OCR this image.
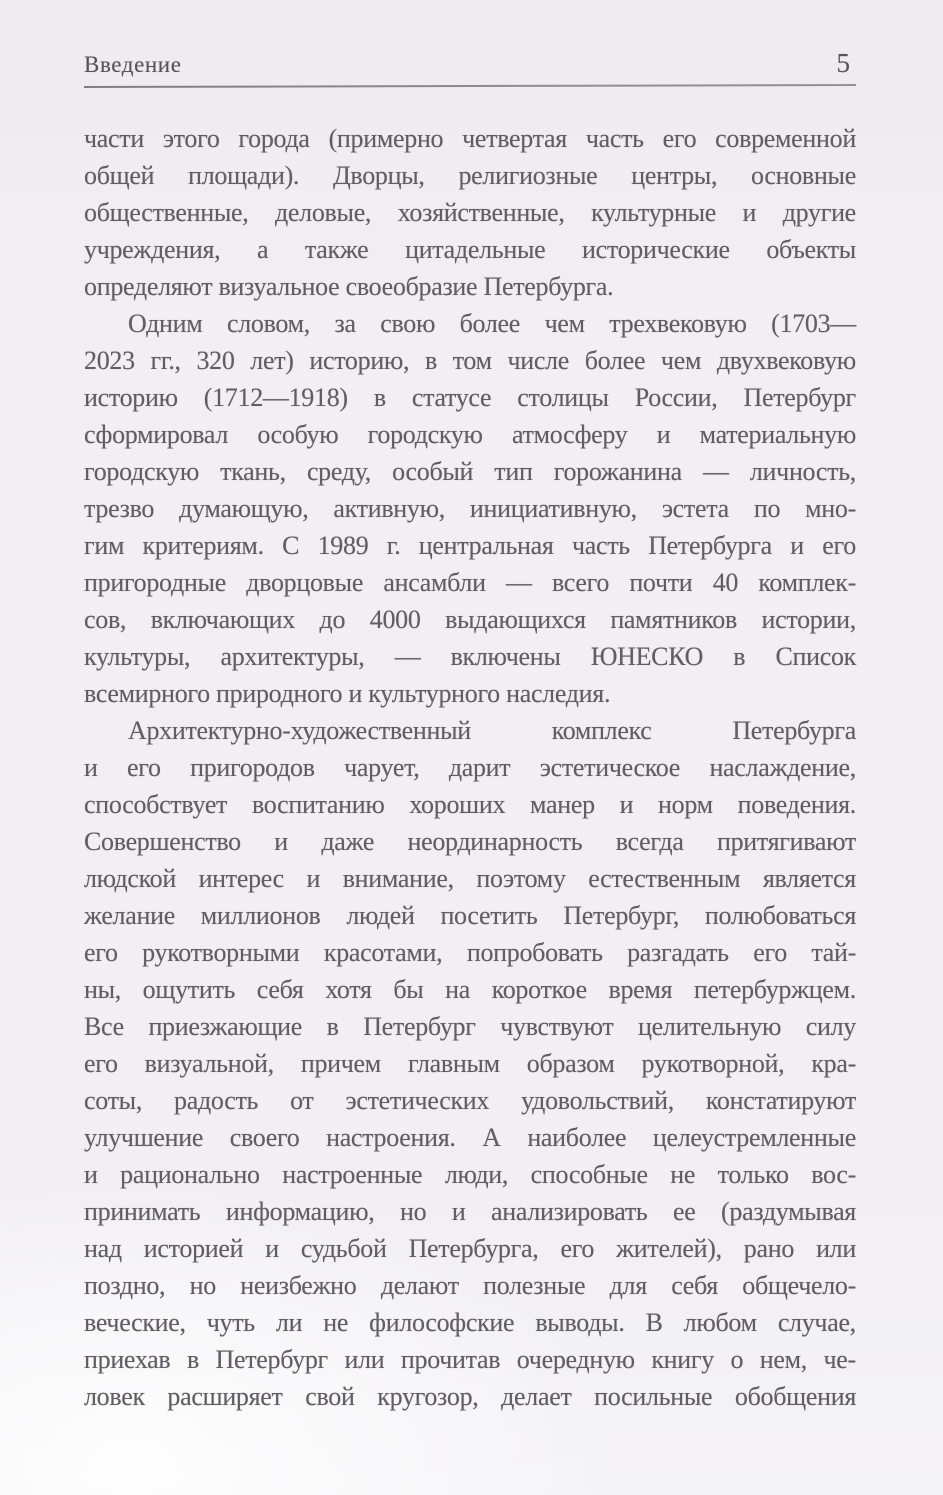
Введение	5
части этого города (примерно четвертая часть его современной
общей площади). Дворцы, религиозные центры, основные
общественные, деловые, хозяйственные, культурные и другие
учреждения, а также цитадельные исторические объекты
определяют визуальное своеобразие Петербурга.
Одним словом, за свою более чем трехвековую (1703—
2023 гг., 320 лет) историю, в том числе более чем двухвековую
историю (1712—1918) в статусе столицы России, Петербург
сформировал особую городскую атмосферу и материальную
городскую ткань, среду, особый тип горожанина — личность,
трезво думающую, активную, инициативную, эстета по мно-
гим критериям. С 1989 г. центральная часть Петербурга и его
пригородные дворцовые ансамбли — всего почти 40 комплек-
сов, включающих до 4000 выдающихся памятников истории,
культуры, архитектуры, — включены ЮНЕСКО в Список
всемирного природного и культурного наследия.
Архитектурно-художественный	комплекс	Петербурга
и его пригородов чарует, дарит эстетическое наслаждение,
способствует воспитанию хороших манер и норм поведения.
Совершенство и даже неординарность всегда притягивают
людской интерес и внимание, поэтому естественным является
желание миллионов людей посетить Петербург, полюбоваться
его рукотворными красотами, попробовать разгадать его тай-
ны, ощутить себя хотя бы на короткое время петербуржцем.
Все приезжающие в Петербург чувствуют целительную силу
его визуальной, причем главным образом рукотворной, кра-
соты, радость от эстетических удовольствий, констатируют
улучшение своего настроения. А наиболее целеустремленные
и рационально настроенные люди, способные не только вос-
принимать информацию, но и анализировать ее (раздумывая
над историей и судьбой Петербурга, его жителей), рано или
поздно, но неизбежно делают полезные для себя общечело-
веческие, чуть ли не философские выводы. В любом случае,
приехав в Петербург или прочитав очередную книгу о нем, че-
ловек расширяет свой кругозор, делает посильные обобщения
